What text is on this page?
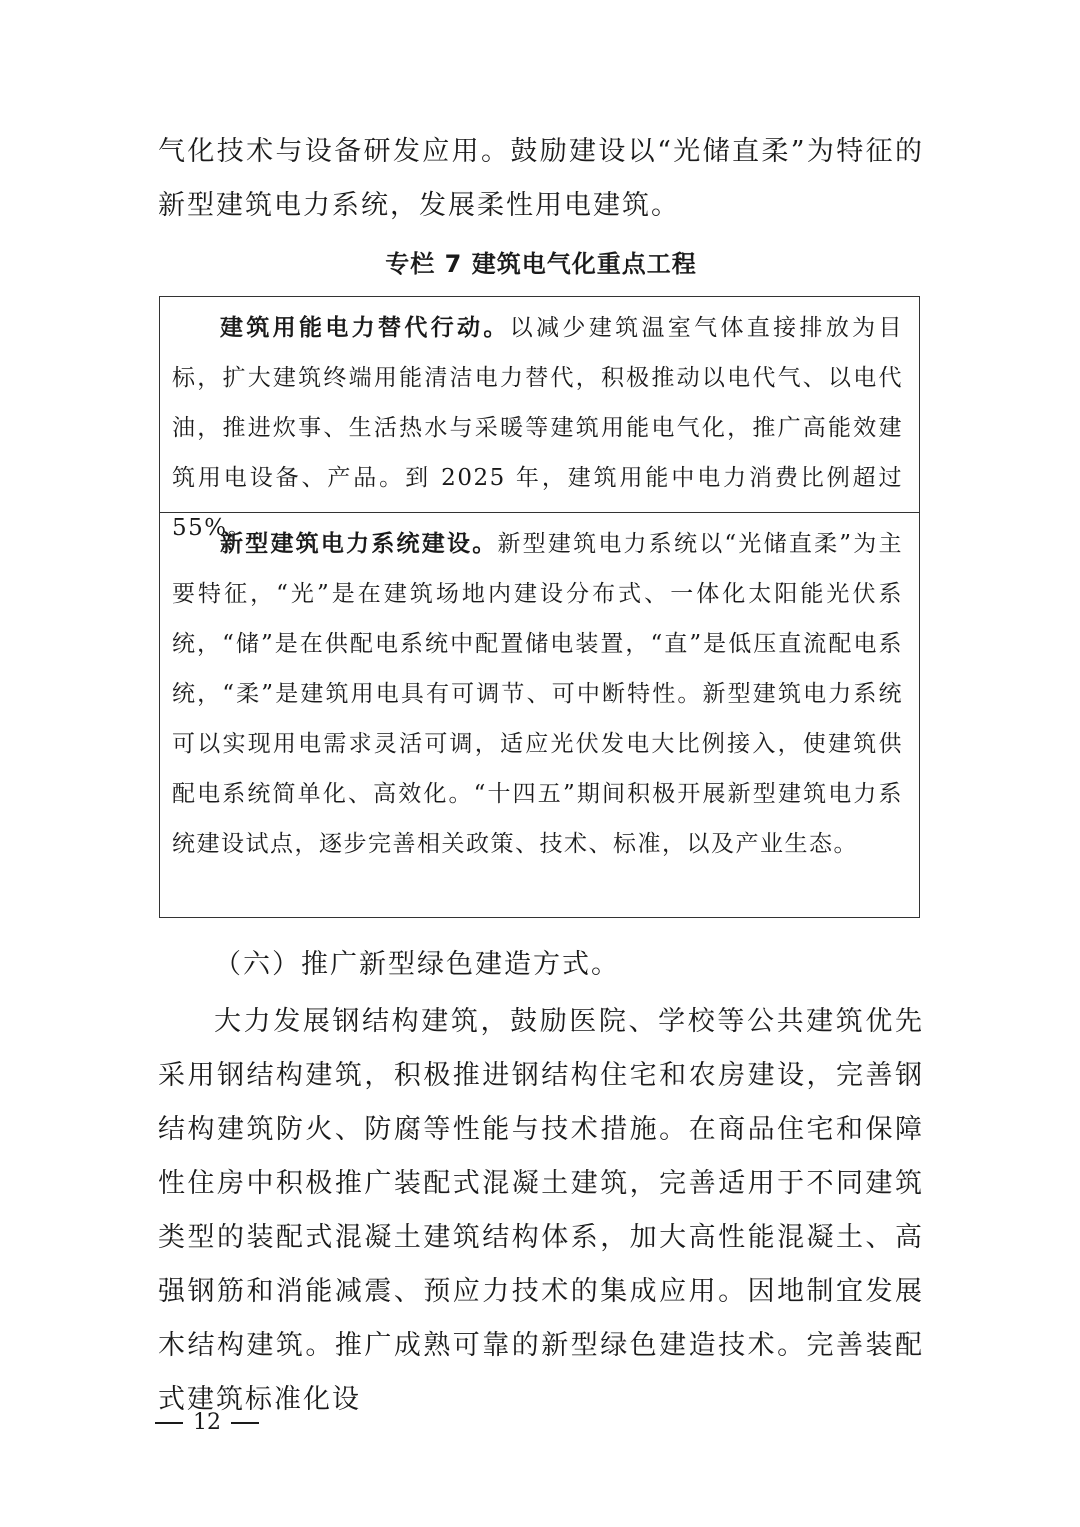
气化技术与设备研发应用。鼓励建设以“光储直柔”为特征的新型建筑电力系统，发展柔性用电建筑。

专栏 7 建筑电气化重点工程

建筑用能电力替代行动。以减少建筑温室气体直接排放为目标，扩大建筑终端用能清洁电力替代，积极推动以电代气、以电代油，推进炊事、生活热水与采暖等建筑用能电气化，推广高能效建筑用电设备、产品。到 2025 年，建筑用能中电力消费比例超过 55%。

新型建筑电力系统建设。新型建筑电力系统以“光储直柔”为主要特征，“光”是在建筑场地内建设分布式、一体化太阳能光伏系统，“储”是在供配电系统中配置储电装置，“直”是低压直流配电系统，“柔”是建筑用电具有可调节、可中断特性。新型建筑电力系统可以实现用电需求灵活可调，适应光伏发电大比例接入，使建筑供配电系统简单化、高效化。“十四五”期间积极开展新型建筑电力系统建设试点，逐步完善相关政策、技术、标准，以及产业生态。

（六）推广新型绿色建造方式。

大力发展钢结构建筑，鼓励医院、学校等公共建筑优先采用钢结构建筑，积极推进钢结构住宅和农房建设，完善钢结构建筑防火、防腐等性能与技术措施。在商品住宅和保障性住房中积极推广装配式混凝土建筑，完善适用于不同建筑类型的装配式混凝土建筑结构体系，加大高性能混凝土、高强钢筋和消能减震、预应力技术的集成应用。因地制宜发展木结构建筑。推广成熟可靠的新型绿色建造技术。完善装配式建筑标准化设

12
